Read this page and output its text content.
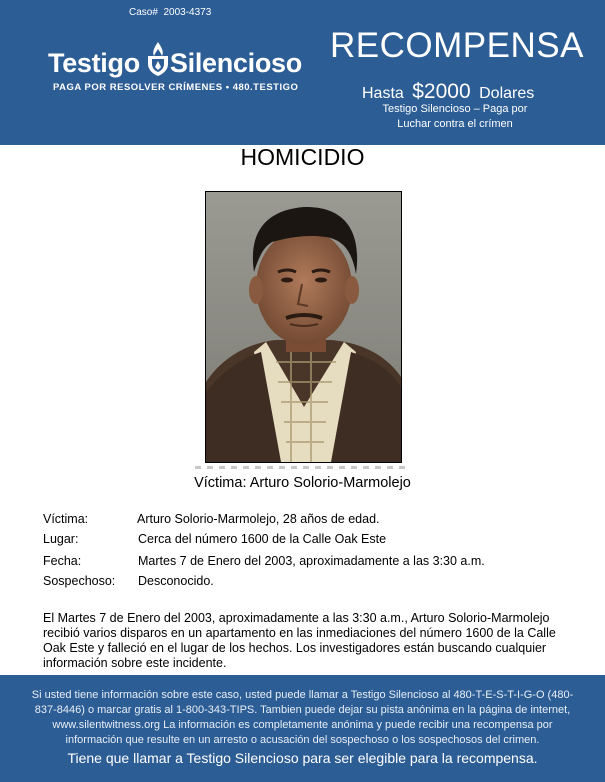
Caso# 2003-4373
Testigo Silencioso
PAGA POR RESOLVER CRÍMENES • 480.TESTIGO
RECOMPENSA
Hasta $2000 Dolares
Testigo Silencioso – Paga por Luchar contra el crímen
HOMICIDIO
Víctima: Arturo Solorio-Marmolejo
Víctima:	Arturo Solorio-Marmolejo, 28 años de edad.
Lugar:	Cerca del número 1600 de la Calle Oak Este
Fecha:	Martes 7 de Enero del 2003, aproximadamente a las 3:30 a.m.
Sospechoso: Desconocido.
El Martes 7 de Enero del 2003, aproximadamente a las 3:30 a.m., Arturo Solorio-Marmolejo recibió varios disparos en un apartamento en las inmediaciones del número 1600 de la Calle Oak Este y falleció en el lugar de los hechos. Los investigadores están buscando cualquier información sobre este incidente.
Si usted tiene información sobre este caso, usted puede llamar a Testigo Silencioso al 480-T-E-S-T-I-G-O (480-837-8446) o marcar gratis al 1-800-343-TIPS. Tambien puede dejar su pista anónima en la página de internet, www.silentwitness.org La información es completamente anónima y puede recibir una recompensa por información que resulte en un arresto o acusación del sospechoso o los sospechosos del crimen.
Tiene que llamar a Testigo Silencioso para ser elegible para la recompensa.
